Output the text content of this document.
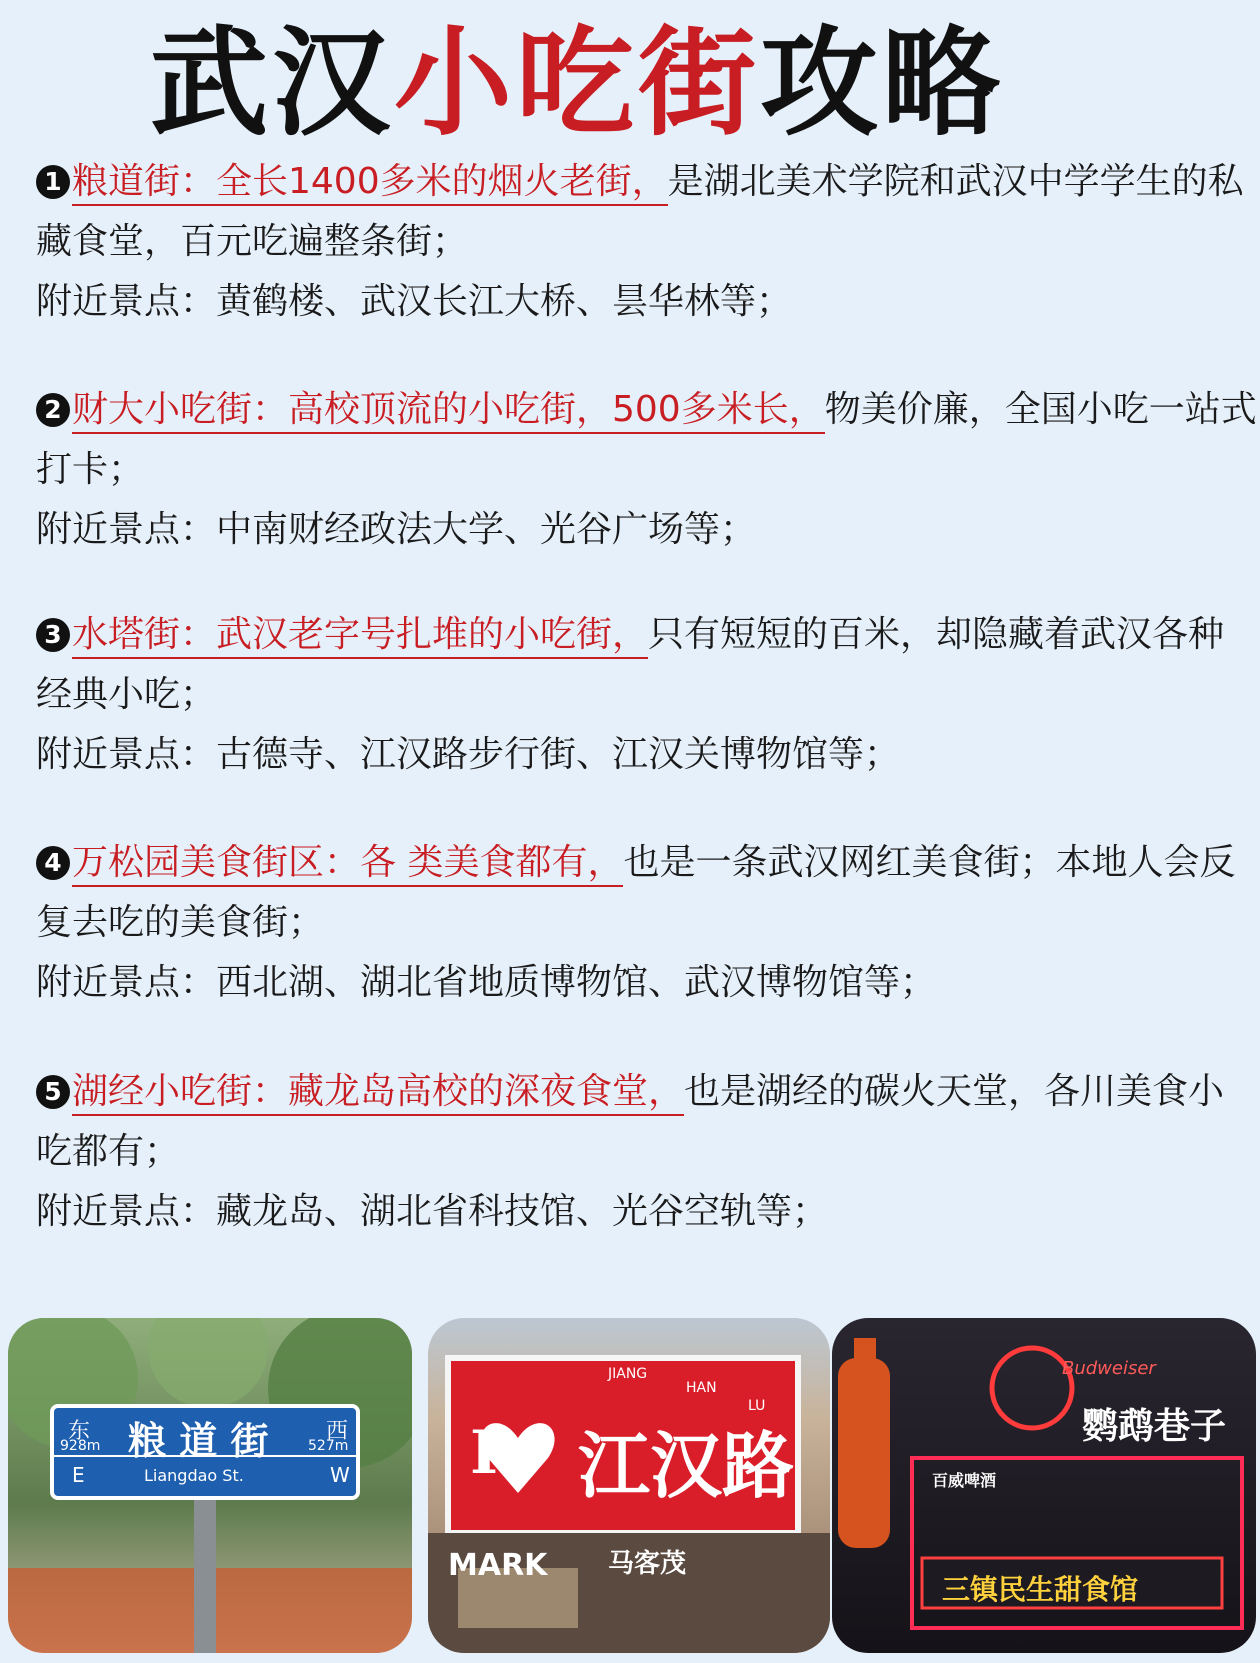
武汉小吃街攻略
1 粮道街：全长1400多米的烟火老街，是湖北美术学院和武汉中学学生的私
藏食堂，百元吃遍整条街；
附近景点：黄鹤楼、武汉长江大桥、昙华林等；
2 财大小吃街：高校顶流的小吃街，500多米长，物美价廉，全国小吃一站式
打卡；
附近景点：中南财经政法大学、光谷广场等；
3 水塔街：武汉老字号扎堆的小吃街，只有短短的百米，却隐藏着武汉各种
经典小吃；
附近景点：古德寺、江汉路步行街、江汉关博物馆等；
4 万松园美食街区：各 类美食都有，也是一条武汉网红美食街；本地人会反
复去吃的美食街；
附近景点：西北湖、湖北省地质博物馆、武汉博物馆等；
5 湖经小吃街：藏龙岛高校的深夜食堂，也是湖经的碳火天堂，各川美食小
吃都有；
附近景点：藏龙岛、湖北省科技馆、光谷空轨等；
东
928m 粮 道 街	西
527m
E	Liangdao St.	W I
JIANG
HAN
LU
江汉路
MARK 马客茂
百威啤酒
Budweiser
鹦鹉巷子
三镇民生甜食馆
